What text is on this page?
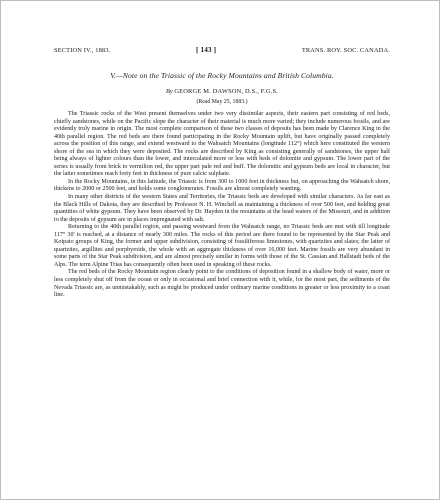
SECTION IV., 1883.	[ 143 ]	TRANS. ROY. SOC. CANADA.
V.—Note on the Triassic of the Rocky Mountains and British Columbia.
By GEORGE M. DAWSON, D.S., F.G.S.
(Read May 25, 1883.)

The Triassic rocks of the West present themselves under two very dissimilar aspects, their eastern part consisting of red beds, chiefly sandstones, while on the Pacific slope the character of their material is much more varied; they include numerous fossils, and are evidently truly marine in origin. The most complete comparison of these two classes of deposits has been made by Clarence King in the 40th parallel region. The red beds are there found participating in the Rocky Mountain uplift, but have originally passed completely across the position of this range, and extend westward to the Wahsatch Mountains (longitude 112°) which here constituted the western shore of the sea in which they were deposited. The rocks are described by King as consisting generally of sandstones, the upper half being always of lighter colours than the lower, and intercalated more or less with beds of dolomite and gypsum. The lower part of the series is usually from brick to vermilion red, the upper part pale red and buff. The dolomitic and gypsum beds are local in character, but the latter sometimes reach forty feet in thickness of pure calcic sulphate.

In the Rocky Mountains, in this latitude, the Triassic is from 300 to 1000 feet in thickness but, on approaching the Wahsatch shore, thickens to 2000 or 2500 feet, and holds some conglomerates. Fossils are almost completely wanting.

In many other districts of the western States and Territories, the Triassic beds are developed with similar characters. As far east as the Black Hills of Dakota, they are described by Professor N. H. Winchell as maintaining a thickness of over 500 feet, and holding great quantities of white gypsum. They have been observed by Dr. Hayden in the mountains at the head waters of the Missouri, and in addition to the deposits of gypsum are in places impregnated with salt.

Returning to the 40th parallel region, and passing westward from the Wahsatch range, no Triassic beds are met with till longitude 117° 30' is reached, at a distance of nearly 300 miles. The rocks of this period are there found to be represented by the Star Peak and Koipato groups of King, the former and upper subdivision, consisting of fossiliferous limestones, with quartzites and slates; the latter of quartzites, argillites and porphyroids, the whole with an aggregate thickness of over 16,000 feet. Marine fossils are very abundant in some parts of the Star Peak subdivision, and are almost precisely similar in forms with those of the St. Cassian and Hallstadt beds of the Alps. The term Alpine Trias has consequently often been used in speaking of these rocks.

The red beds of the Rocky Mountain region clearly point to the conditions of deposition found in a shallow body of water, more or less completely shut off from the ocean or only in occasional and brief connection with it, while, for the most part, the sediments of the Nevada Triassic are, as unmistakably, such as might be produced under ordinary marine conditions in greater or less proximity to a coast line.
